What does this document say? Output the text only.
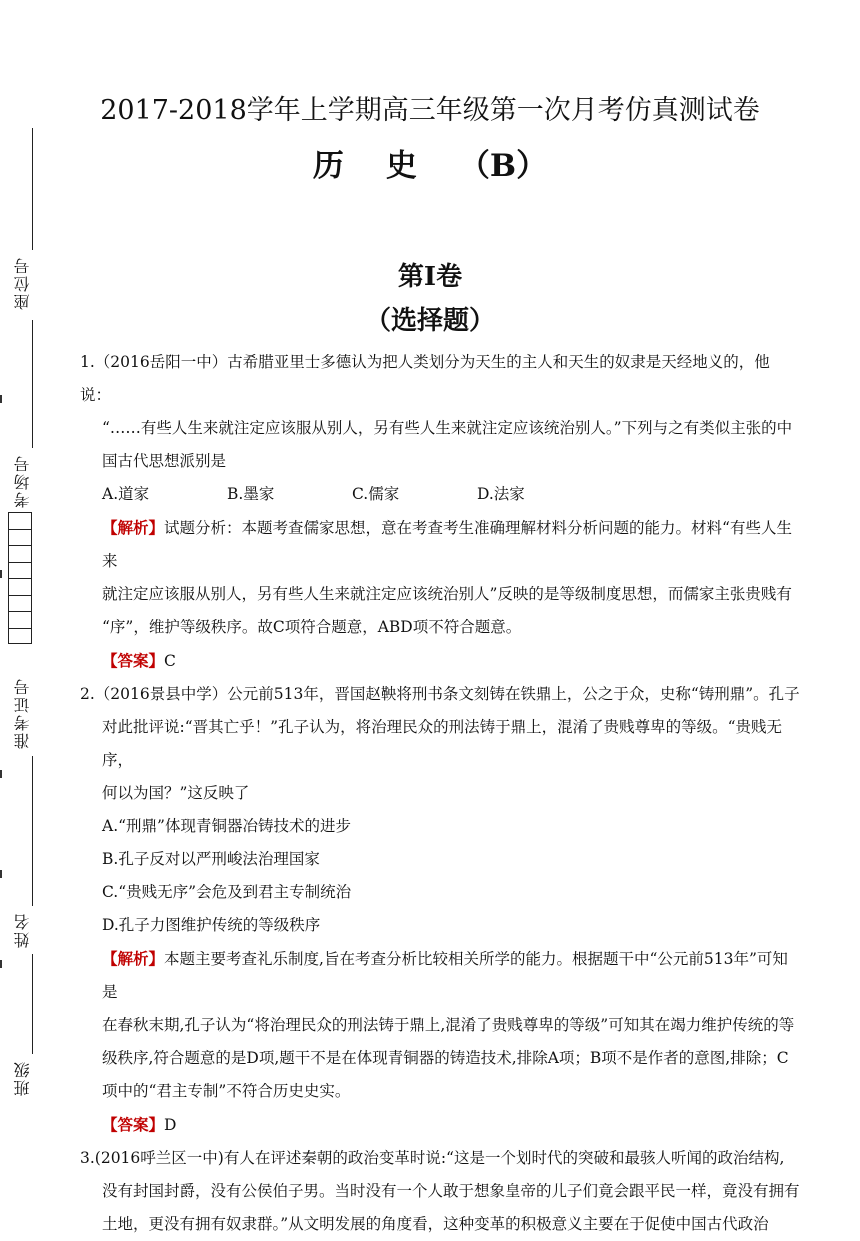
座位号
考场号
准考证号
姓名
班级
2017-2018学年上学期高三年级第一次月考仿真测试卷
历 史 （B）
第Ⅰ卷
（选择题）

1.（2016岳阳一中）古希腊亚里士多德认为把人类划分为天生的主人和天生的奴隶是天经地义的，他说：

“……有些人生来就注定应该服从别人，另有些人生来就注定应该统治别人。”下列与之有类似主张的中

国古代思想派别是

A.道家	B.墨家	C.儒家	D.法家

【解析】试题分析：本题考查儒家思想，意在考查考生准确理解材料分析问题的能力。材料“有些人生来

就注定应该服从别人，另有些人生来就注定应该统治别人”反映的是等级制度思想，而儒家主张贵贱有

“序”，维护等级秩序。故C项符合题意，ABD项不符合题意。

【答案】C

2.（2016景县中学）公元前513年，晋国赵鞅将刑书条文刻铸在铁鼎上，公之于众，史称“铸刑鼎”。孔子

对此批评说:“晋其亡乎！”孔子认为，将治理民众的刑法铸于鼎上，混淆了贵贱尊卑的等级。“贵贱无序，

何以为国？”这反映了

A.“刑鼎”体现青铜器冶铸技术的进步

B.孔子反对以严刑峻法治理国家

C.“贵贱无序”会危及到君主专制统治

D.孔子力图维护传统的等级秩序

【解析】本题主要考查礼乐制度,旨在考查分析比较相关所学的能力。根据题干中“公元前513年”可知是

在春秋末期,孔子认为“将治理民众的刑法铸于鼎上,混淆了贵贱尊卑的等级”可知其在竭力维护传统的等

级秩序,符合题意的是D项,题干不是在体现青铜器的铸造技术,排除A项；B项不是作者的意图,排除；C

项中的“君主专制”不符合历史史实。

【答案】D

3.(2016呼兰区一中)有人在评述秦朝的政治变革时说:“这是一个划时代的突破和最骇人听闻的政治结构,

没有封国封爵，没有公侯伯子男。当时没有一个人敢于想象皇帝的儿子们竟会跟平民一样，竟没有拥有

土地，更没有拥有奴隶群。”从文明发展的角度看，这种变革的积极意义主要在于促使中国古代政治
